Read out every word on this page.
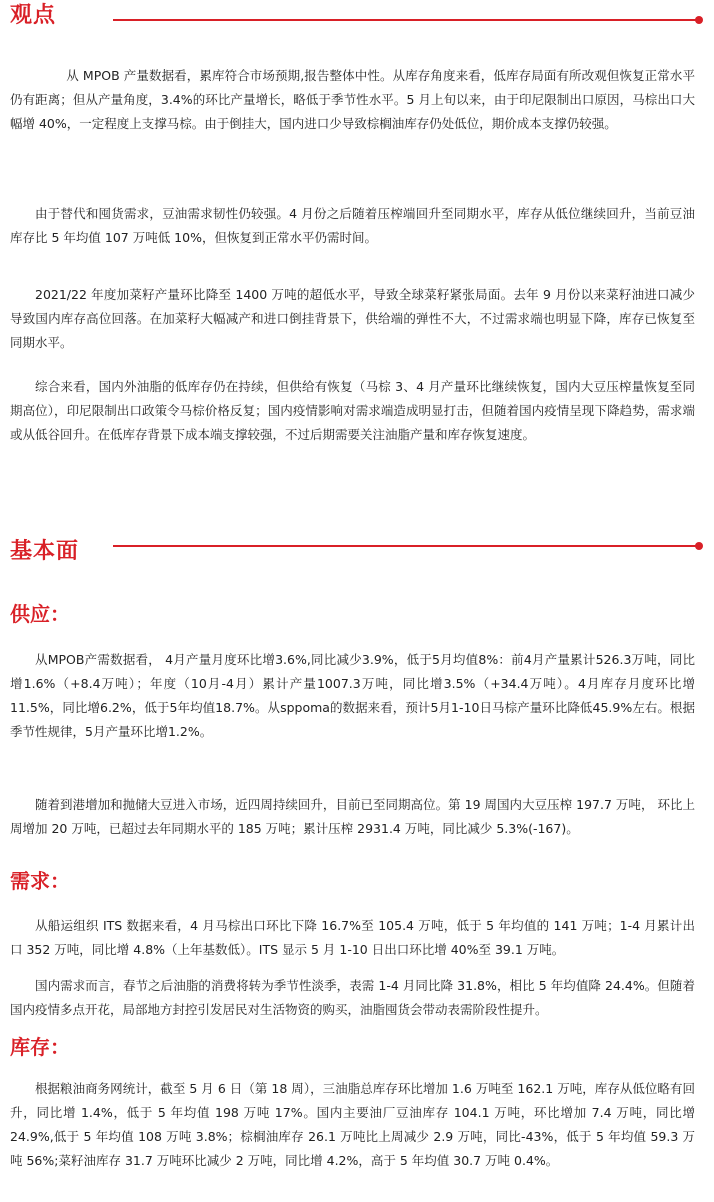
观点

从 MPOB 产量数据看，累库符合市场预期,报告整体中性。从库存角度来看，低库存局面有所改观但恢复正常水平仍有距离；但从产量角度，3.4%的环比产量增长，略低于季节性水平。5 月上旬以来，由于印尼限制出口原因，马棕出口大幅增 40%，一定程度上支撑马棕。由于倒挂大，国内进口少导致棕榈油库存仍处低位，期价成本支撑仍较强。

由于替代和囤货需求，豆油需求韧性仍较强。4 月份之后随着压榨端回升至同期水平，库存从低位继续回升，当前豆油库存比 5 年均值 107 万吨低 10%，但恢复到正常水平仍需时间。

2021/22 年度加菜籽产量环比降至 1400 万吨的超低水平，导致全球菜籽紧张局面。去年 9 月份以来菜籽油进口减少导致国内库存高位回落。在加菜籽大幅减产和进口倒挂背景下，供给端的弹性不大，不过需求端也明显下降，库存已恢复至同期水平。

综合来看，国内外油脂的低库存仍在持续，但供给有恢复（马棕 3、4 月产量环比继续恢复，国内大豆压榨量恢复至同期高位），印尼限制出口政策令马棕价格反复；国内疫情影响对需求端造成明显打击，但随着国内疫情呈现下降趋势，需求端或从低谷回升。在低库存背景下成本端支撑较强，不过后期需要关注油脂产量和库存恢复速度。

基本面
供应：

从MPOB产需数据看， 4月产量月度环比增3.6%,同比减少3.9%，低于5月均值8%：前4月产量累计526.3万吨，同比增1.6%（+8.4万吨）；年度（10月-4月）累计产量1007.3万吨，同比增3.5%（+34.4万吨）。4月库存月度环比增11.5%，同比增6.2%，低于5年均值18.7%。从sppoma的数据来看，预计5月1-10日马棕产量环比降低45.9%左右。根据季节性规律，5月产量环比增1.2%。

随着到港增加和抛储大豆进入市场，近四周持续回升，目前已至同期高位。第 19 周国内大豆压榨 197.7 万吨， 环比上周增加 20 万吨，已超过去年同期水平的 185 万吨；累计压榨 2931.4 万吨，同比减少 5.3%(-167)。

需求：

从船运组织 ITS 数据来看，4 月马棕出口环比下降 16.7%至 105.4 万吨，低于 5 年均值的 141 万吨；1-4 月累计出口 352 万吨，同比增 4.8%（上年基数低）。ITS 显示 5 月 1-10 日出口环比增 40%至 39.1 万吨。

国内需求而言，春节之后油脂的消费将转为季节性淡季，表需 1-4 月同比降 31.8%，相比 5 年均值降 24.4%。但随着国内疫情多点开花，局部地方封控引发居民对生活物资的购买，油脂囤货会带动表需阶段性提升。

库存：

根据粮油商务网统计，截至 5 月 6 日（第 18 周），三油脂总库存环比增加 1.6 万吨至 162.1 万吨，库存从低位略有回升，同比增 1.4%，低于 5 年均值 198 万吨 17%。国内主要油厂豆油库存 104.1 万吨，环比增加 7.4 万吨，同比增 24.9%,低于 5 年均值 108 万吨 3.8%；棕榈油库存 26.1 万吨比上周减少 2.9 万吨，同比-43%，低于 5 年均值 59.3 万吨 56%;菜籽油库存 31.7 万吨环比减少 2 万吨，同比增 4.2%，高于 5 年均值 30.7 万吨 0.4%。
